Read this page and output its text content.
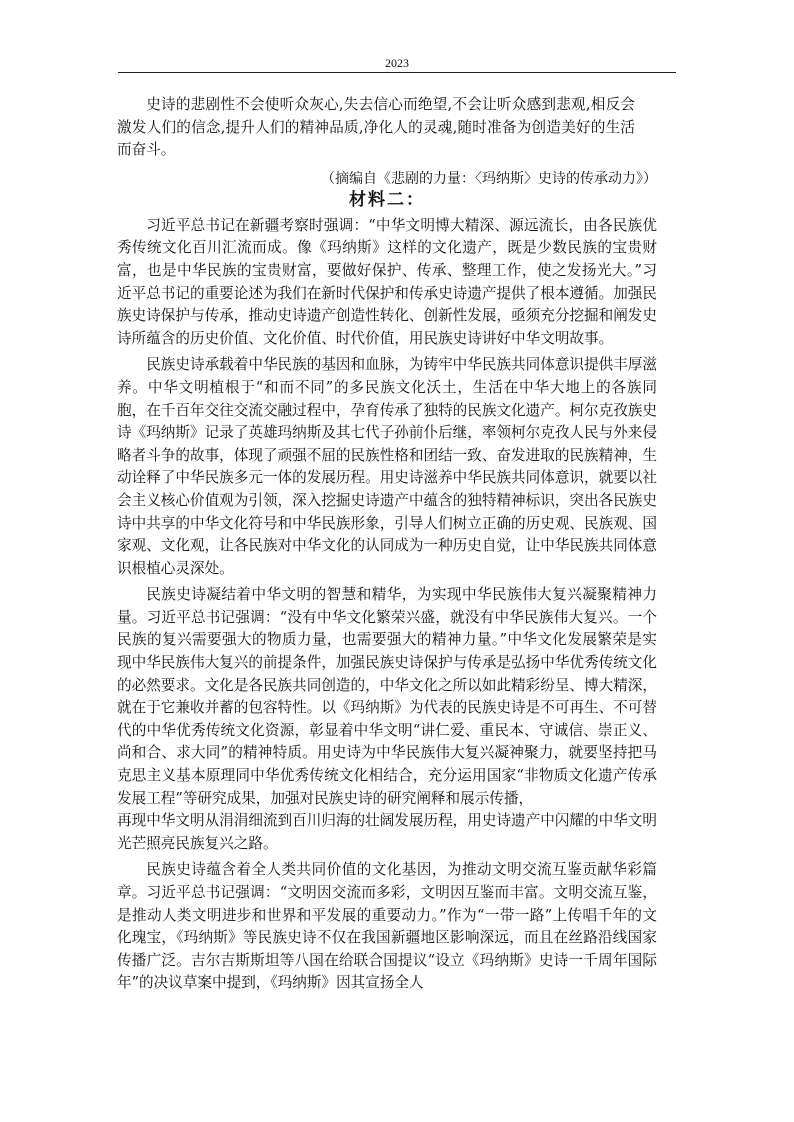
2023

史诗的悲剧性不会使听众灰心,失去信心而绝望,不会让听众感到悲观,相反会激发人们的信念,提升人们的精神品质,净化人的灵魂,随时准备为创造美好的生活而奋斗。

（摘编自《悲剧的力量：〈玛纳斯〉史诗的传承动力》）

材料二：

习近平总书记在新疆考察时强调：“中华文明博大精深、源远流长，由各民族优秀传统文化百川汇流而成。像《玛纳斯》这样的文化遗产，既是少数民族的宝贵财富，也是中华民族的宝贵财富，要做好保护、传承、整理工作，使之发扬光大。”习近平总书记的重要论述为我们在新时代保护和传承史诗遗产提供了根本遵循。加强民族史诗保护与传承，推动史诗遗产创造性转化、创新性发展，亟须充分挖掘和阐发史诗所蕴含的历史价值、文化价值、时代价值，用民族史诗讲好中华文明故事。

民族史诗承载着中华民族的基因和血脉，为铸牢中华民族共同体意识提供丰厚滋养。中华文明植根于“和而不同”的多民族文化沃土，生活在中华大地上的各族同胞，在千百年交往交流交融过程中，孕育传承了独特的民族文化遗产。柯尔克孜族史诗《玛纳斯》记录了英雄玛纳斯及其七代子孙前仆后继，率领柯尔克孜人民与外来侵略者斗争的故事，体现了顽强不屈的民族性格和团结一致、奋发进取的民族精神，生动诠释了中华民族多元一体的发展历程。用史诗滋养中华民族共同体意识，就要以社会主义核心价值观为引领，深入挖掘史诗遗产中蕴含的独特精神标识，突出各民族史诗中共享的中华文化符号和中华民族形象，引导人们树立正确的历史观、民族观、国家观、文化观，让各民族对中华文化的认同成为一种历史自觉，让中华民族共同体意识根植心灵深处。

民族史诗凝结着中华文明的智慧和精华，为实现中华民族伟大复兴凝聚精神力量。习近平总书记强调：“没有中华文化繁荣兴盛，就没有中华民族伟大复兴。一个民族的复兴需要强大的物质力量，也需要强大的精神力量。”中华文化发展繁荣是实现中华民族伟大复兴的前提条件，加强民族史诗保护与传承是弘扬中华优秀传统文化的必然要求。文化是各民族共同创造的，中华文化之所以如此精彩纷呈、博大精深，就在于它兼收并蓄的包容特性。以《玛纳斯》为代表的民族史诗是不可再生、不可替代的中华优秀传统文化资源，彰显着中华文明“讲仁爱、重民本、守诚信、崇正义、尚和合、求大同”的精神特质。用史诗为中华民族伟大复兴凝神聚力，就要坚持把马克思主义基本原理同中华优秀传统文化相结合，充分运用国家“非物质文化遗产传承发展工程”等研究成果，加强对民族史诗的研究阐释和展示传播，

再现中华文明从涓涓细流到百川归海的壮阔发展历程，用史诗遗产中闪耀的中华文明光芒照亮民族复兴之路。

民族史诗蕴含着全人类共同价值的文化基因，为推动文明交流互鉴贡献华彩篇章。习近平总书记强调：“文明因交流而多彩，文明因互鉴而丰富。文明交流互鉴，是推动人类文明进步和世界和平发展的重要动力。”作为“一带一路”上传唱千年的文化瑰宝，《玛纳斯》等民族史诗不仅在我国新疆地区影响深远，而且在丝路沿线国家传播广泛。吉尔吉斯斯坦等八国在给联合国提议“设立《玛纳斯》史诗一千周年国际年”的决议草案中提到，《玛纳斯》因其宣扬全人
